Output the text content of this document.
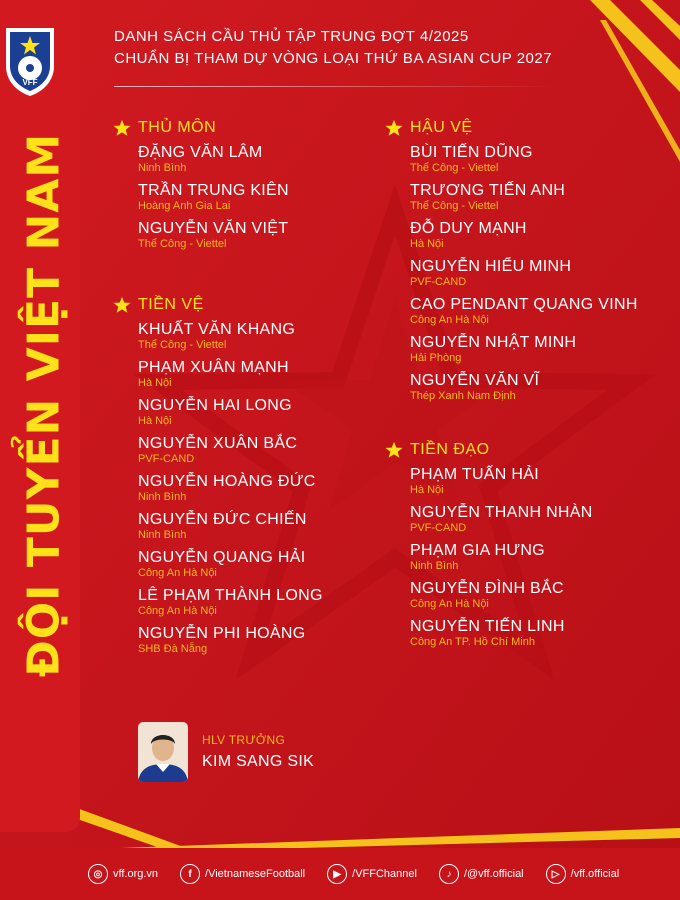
VFF
ĐỘI TUYỂN VIỆT NAM
DANH SÁCH CẦU THỦ TẬP TRUNG ĐỢT 4/2025
CHUẨN BỊ THAM DỰ VÒNG LOẠI THỨ BA ASIAN CUP 2027
THỦ MÔN
ĐẶNG VĂN LÂM
Ninh Bình
TRẦN TRUNG KIÊN
Hoàng Anh Gia Lai
NGUYỄN VĂN VIỆT
Thể Công - Viettel
TIỀN VỆ
KHUẤT VĂN KHANG
Thể Công - Viettel
PHẠM XUÂN MẠNH
Hà Nội
NGUYỄN HAI LONG
Hà Nội
NGUYỄN XUÂN BẮC
PVF-CAND
NGUYỄN HOÀNG ĐỨC
Ninh Bình
NGUYỄN ĐỨC CHIẾN
Ninh Bình
NGUYỄN QUANG HẢI
Công An Hà Nội
LÊ PHẠM THÀNH LONG
Công An Hà Nội
NGUYỄN PHI HOÀNG
SHB Đà Nẵng
HẬU VỆ
BÙI TIẾN DŨNG
Thể Công - Viettel
TRƯƠNG TIẾN ANH
Thể Công - Viettel
ĐỖ DUY MẠNH
Hà Nội
NGUYỄN HIỂU MINH
PVF-CAND
CAO PENDANT QUANG VINH
Công An Hà Nội
NGUYỄN NHẬT MINH
Hải Phòng
NGUYỄN VĂN VĨ
Thép Xanh Nam Định
TIỀN ĐẠO
PHẠM TUẤN HẢI
Hà Nội
NGUYỄN THANH NHÀN
PVF-CAND
PHẠM GIA HƯNG
Ninh Bình
NGUYỄN ĐÌNH BẮC
Công An Hà Nội
NGUYỄN TIẾN LINH
Công An TP. Hồ Chí Minh
HLV TRƯỞNG
KIM SANG SIK
◎ vff.org.vn	f	/VietnameseFootball	▶	/VFFChannel	♪	/@vff.official	▷	/vff.official
